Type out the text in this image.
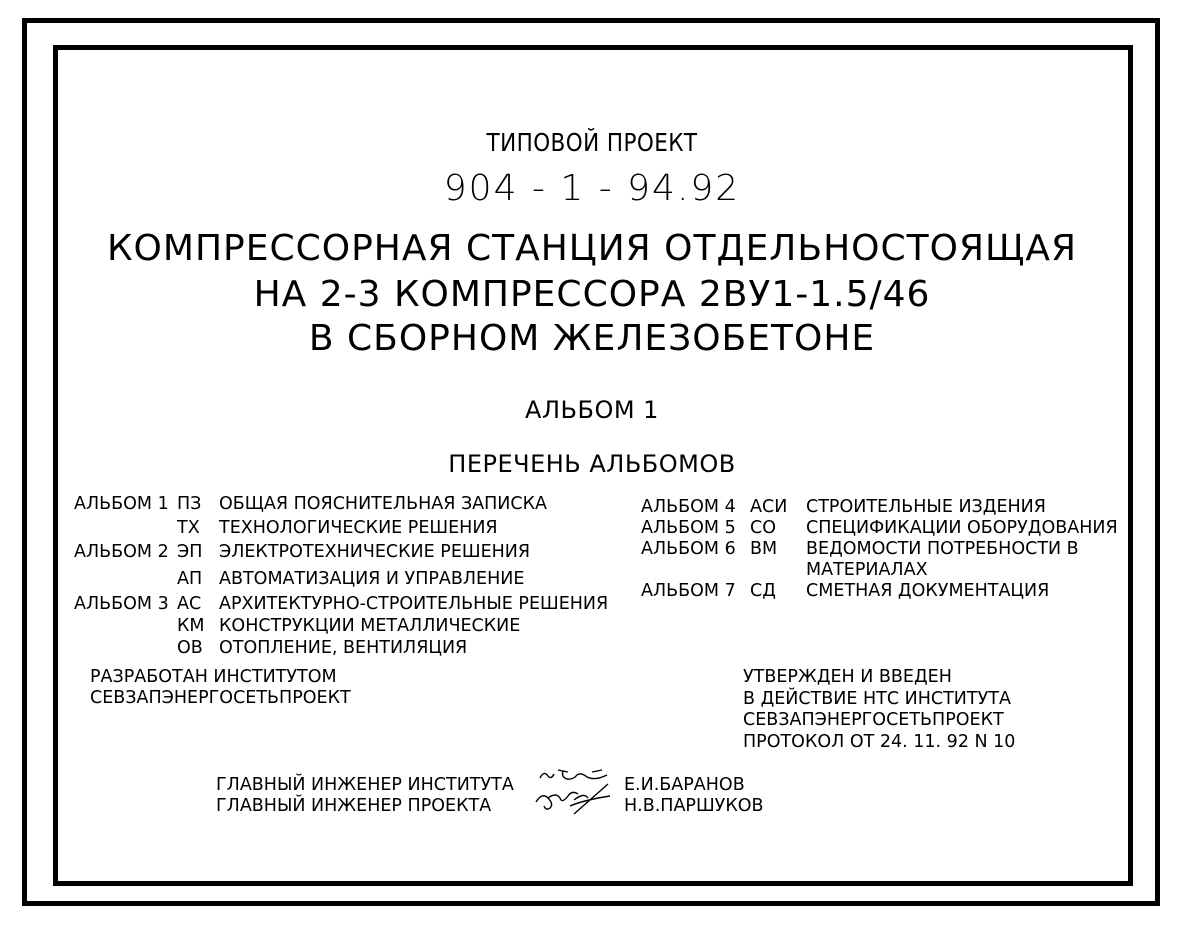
ТИПОВОЙ ПРОЕКТ
904 - 1 - 94.92
КОМПРЕССОРНАЯ СТАНЦИЯ ОТДЕЛЬНОСТОЯЩАЯ
НА 2-3 КОМПРЕССОРА 2ВУ1-1.5/46
В СБОРНОМ ЖЕЛЕЗОБЕТОНЕ
АЛЬБОМ 1
ПЕРЕЧЕНЬ АЛЬБОМОВ
АЛЬБОМ 1 ПЗ ОБЩАЯ ПОЯСНИТЕЛЬНАЯ ЗАПИСКА
ТХ ТЕХНОЛОГИЧЕСКИЕ РЕШЕНИЯ
АЛЬБОМ 2 ЭП ЭЛЕКТРОТЕХНИЧЕСКИЕ РЕШЕНИЯ
АП АВТОМАТИЗАЦИЯ И УПРАВЛЕНИЕ
АЛЬБОМ 3 АС АРХИТЕКТУРНО-СТРОИТЕЛЬНЫЕ РЕШЕНИЯ
КМ КОНСТРУКЦИИ МЕТАЛЛИЧЕСКИЕ
ОВ ОТОПЛЕНИЕ, ВЕНТИЛЯЦИЯ
АЛЬБОМ 4 АСИ СТРОИТЕЛЬНЫЕ ИЗДЕНИЯ
АЛЬБОМ 5 СО СПЕЦИФИКАЦИИ ОБОРУДОВАНИЯ
АЛЬБОМ 6 ВМ ВЕДОМОСТИ ПОТРЕБНОСТИ В
МАТЕРИАЛАХ
АЛЬБОМ 7 СД СМЕТНАЯ ДОКУМЕНТАЦИЯ
РАЗРАБОТАН ИНСТИТУТОМ
СЕВЗАПЭНЕРГОСЕТЬПРОЕКТ
УТВЕРЖДЕН И ВВЕДЕН
В ДЕЙСТВИЕ НТС ИНСТИТУТА
СЕВЗАПЭНЕРГОСЕТЬПРОЕКТ
ПРОТОКОЛ ОТ 24. 11. 92 N 10
ГЛАВНЫЙ ИНЖЕНЕР ИНСТИТУТА
ГЛАВНЫЙ ИНЖЕНЕР ПРОЕКТА
Е.И.БАРАНОВ
Н.В.ПАРШУКОВ
